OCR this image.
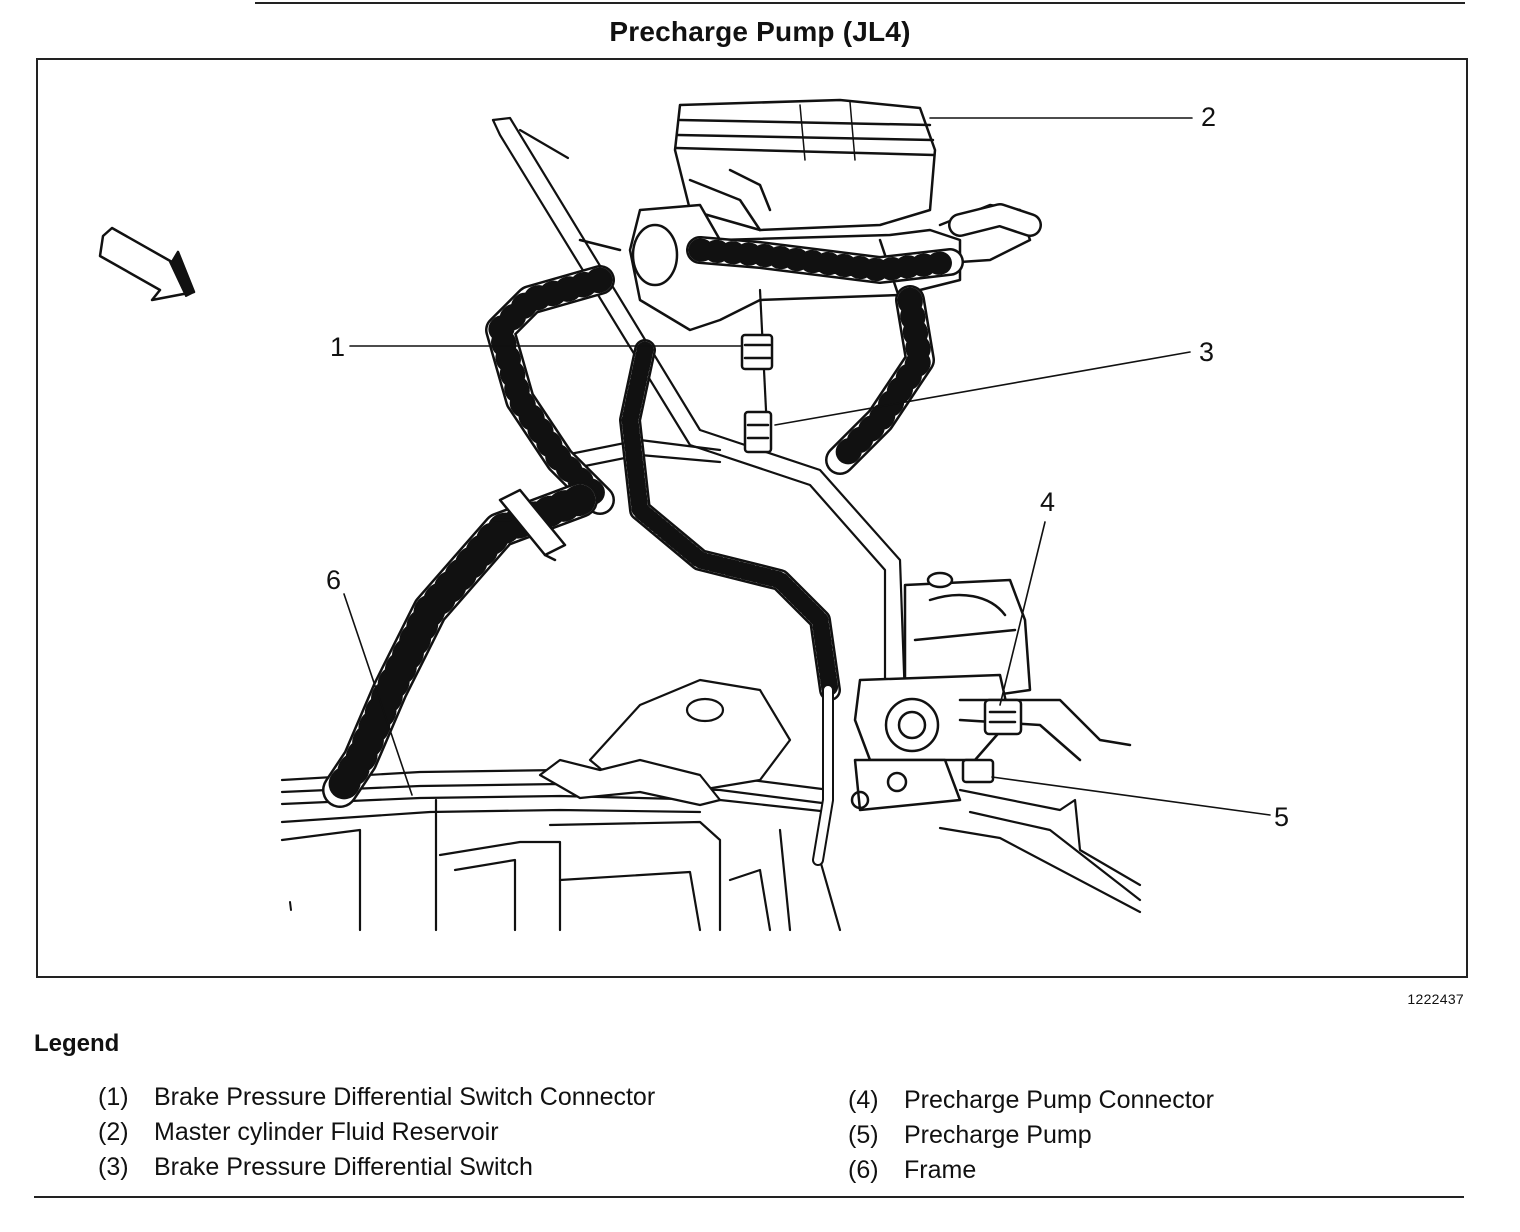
Precharge Pump (JL4)
1
2
3
4
5
6
1222437
Legend
(1) Brake Pressure Differential Switch Connector
(2) Master cylinder Fluid Reservoir
(3) Brake Pressure Differential Switch
(4) Precharge Pump Connector
(5) Precharge Pump
(6) Frame
